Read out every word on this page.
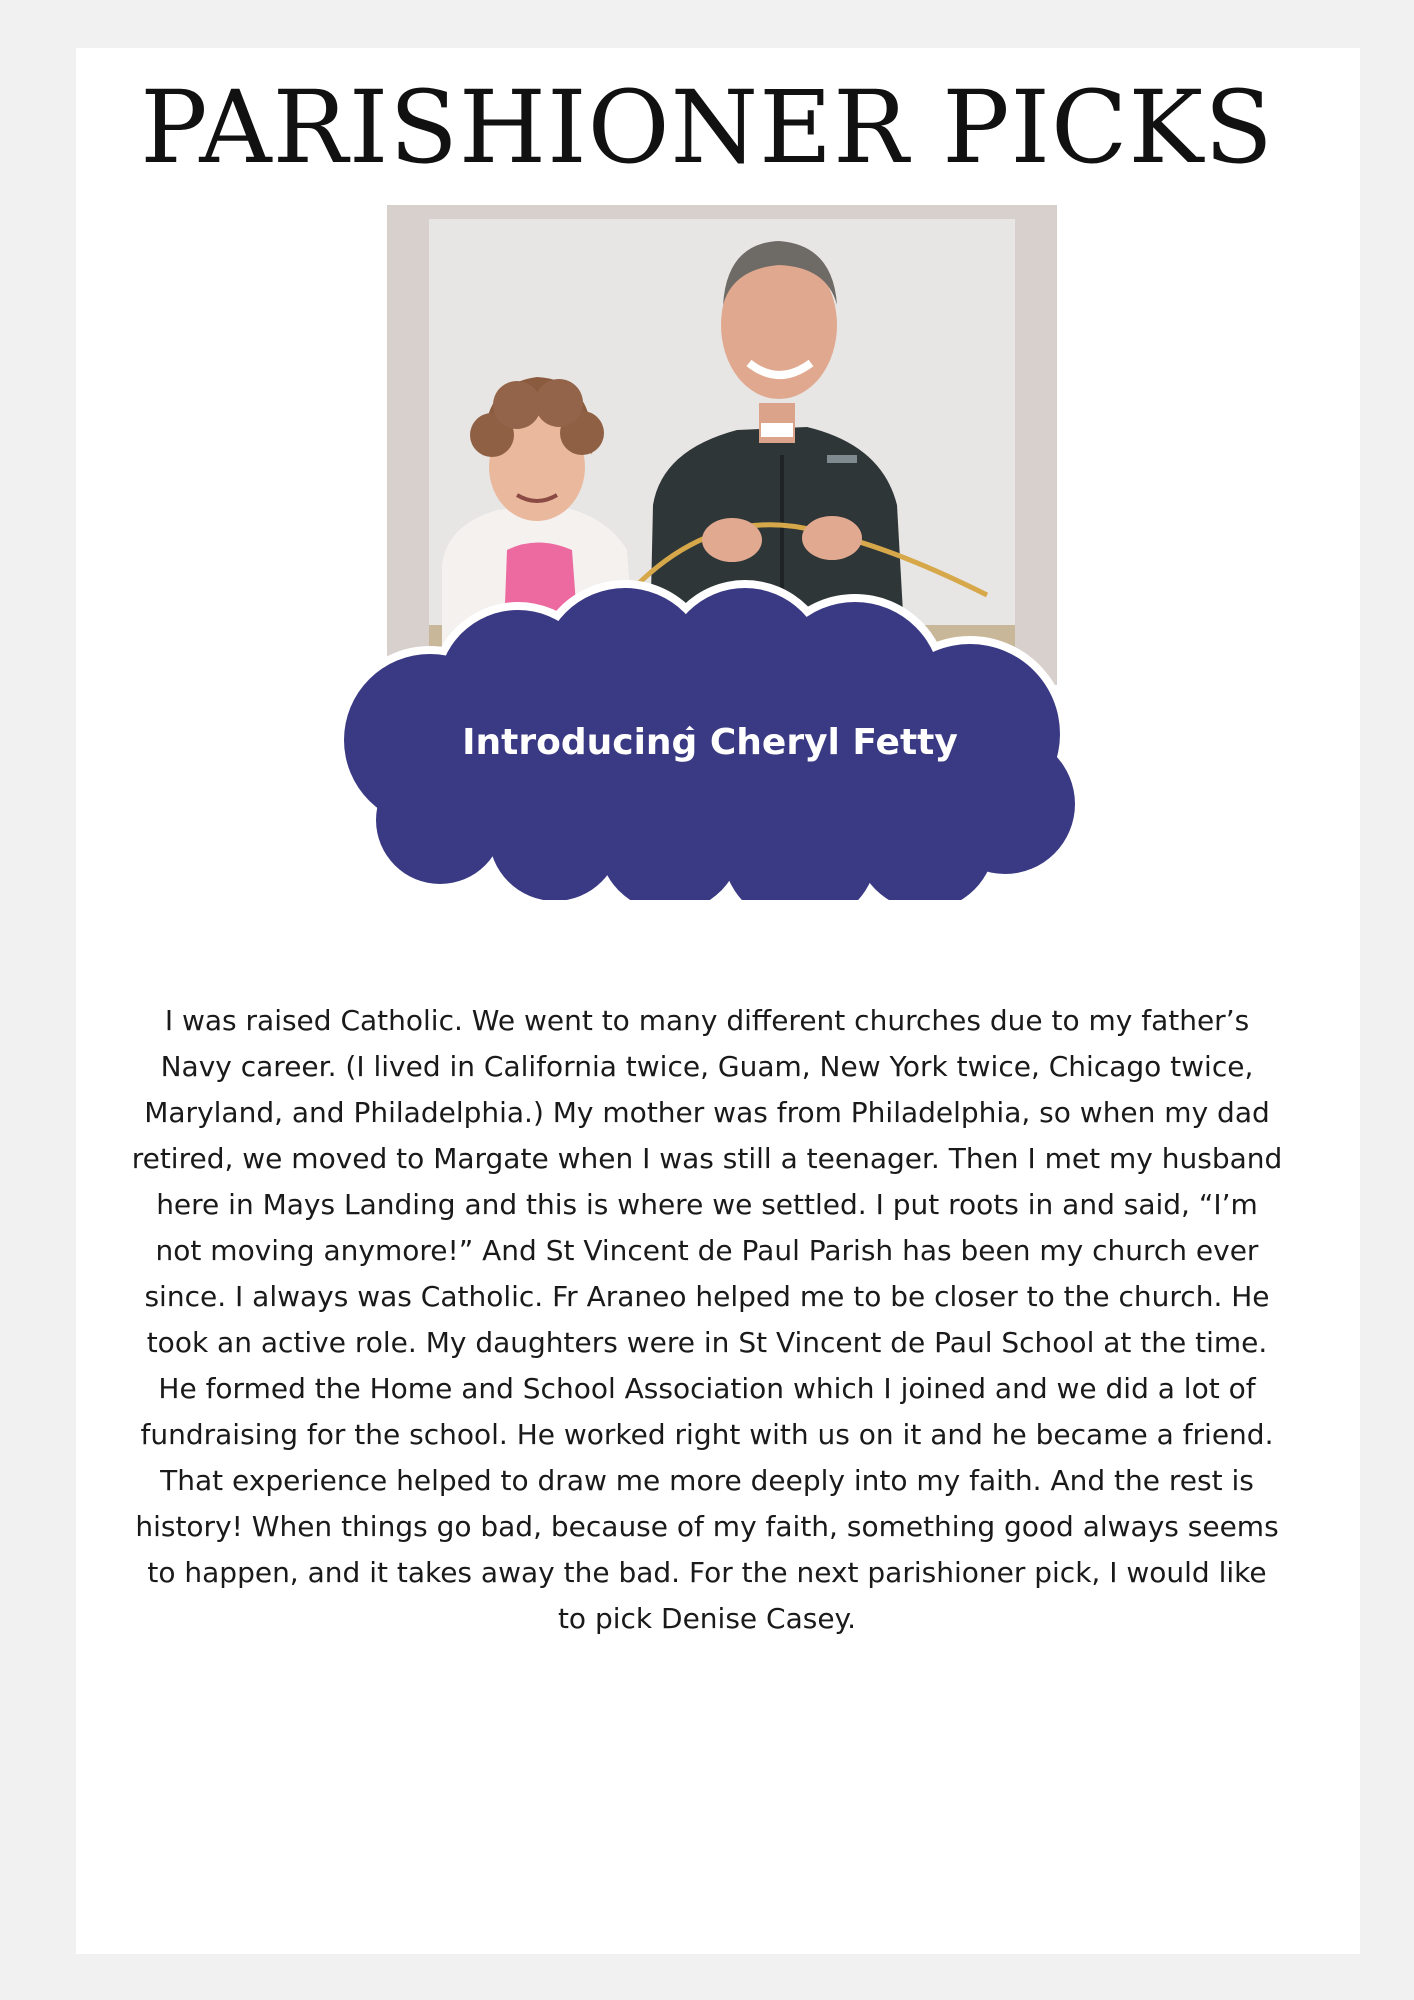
PARISHIONER PICKS
Introducing Cheryl Fetty

I was raised Catholic. We went to many different churches due to my father’s Navy career. (I lived in California twice, Guam, New York twice, Chicago twice, Maryland, and Philadelphia.) My mother was from Philadelphia, so when my dad retired, we moved to Margate when I was still a teenager. Then I met my husband here in Mays Landing and this is where we settled. I put roots in and said, “I’m not moving anymore!” And St Vincent de Paul Parish has been my church ever since. I always was Catholic. Fr Araneo helped me to be closer to the church. He took an active role. My daughters were in St Vincent de Paul School at the time. He formed the Home and School Association which I joined and we did a lot of fundraising for the school. He worked right with us on it and he became a friend. That experience helped to draw me more deeply into my faith. And the rest is history! When things go bad, because of my faith, something good always seems to happen, and it takes away the bad. For the next parishioner pick, I would like to pick Denise Casey.
